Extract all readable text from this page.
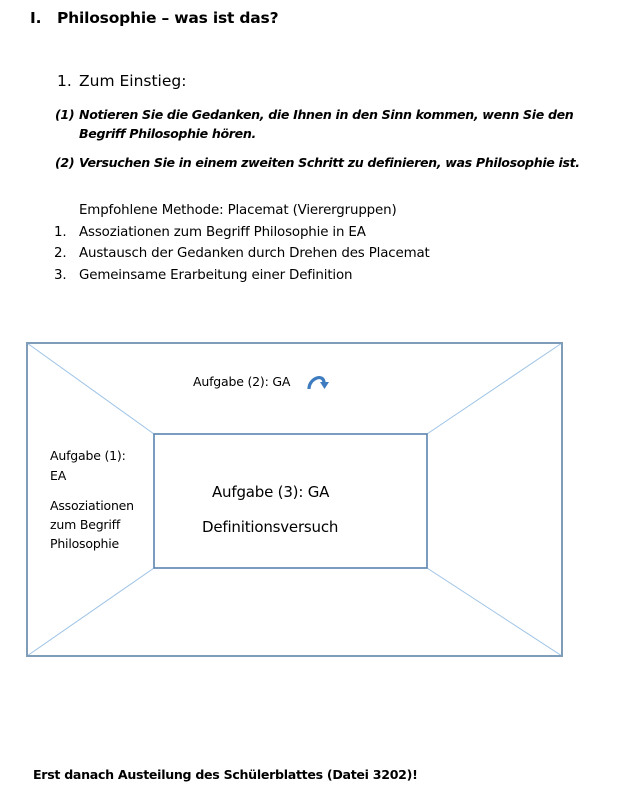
I. Philosophie – was ist das?
1. Zum Einstieg:
(1) Notieren Sie die Gedanken, die Ihnen in den Sinn kommen, wenn Sie den
Begriff Philosophie hören.
(2) Versuchen Sie in einem zweiten Schritt zu definieren, was Philosophie ist.
Empfohlene Methode: Placemat (Vierergruppen)
1. Assoziationen zum Begriff Philosophie in EA
2. Austausch der Gedanken durch Drehen des Placemat
3. Gemeinsame Erarbeitung einer Definition
Aufgabe (2): GA
Aufgabe (1):
EA
Assoziationen
zum Begriff
Philosophie
Aufgabe (3): GA
Definitionsversuch
Erst danach Austeilung des Schülerblattes (Datei 3202)!
